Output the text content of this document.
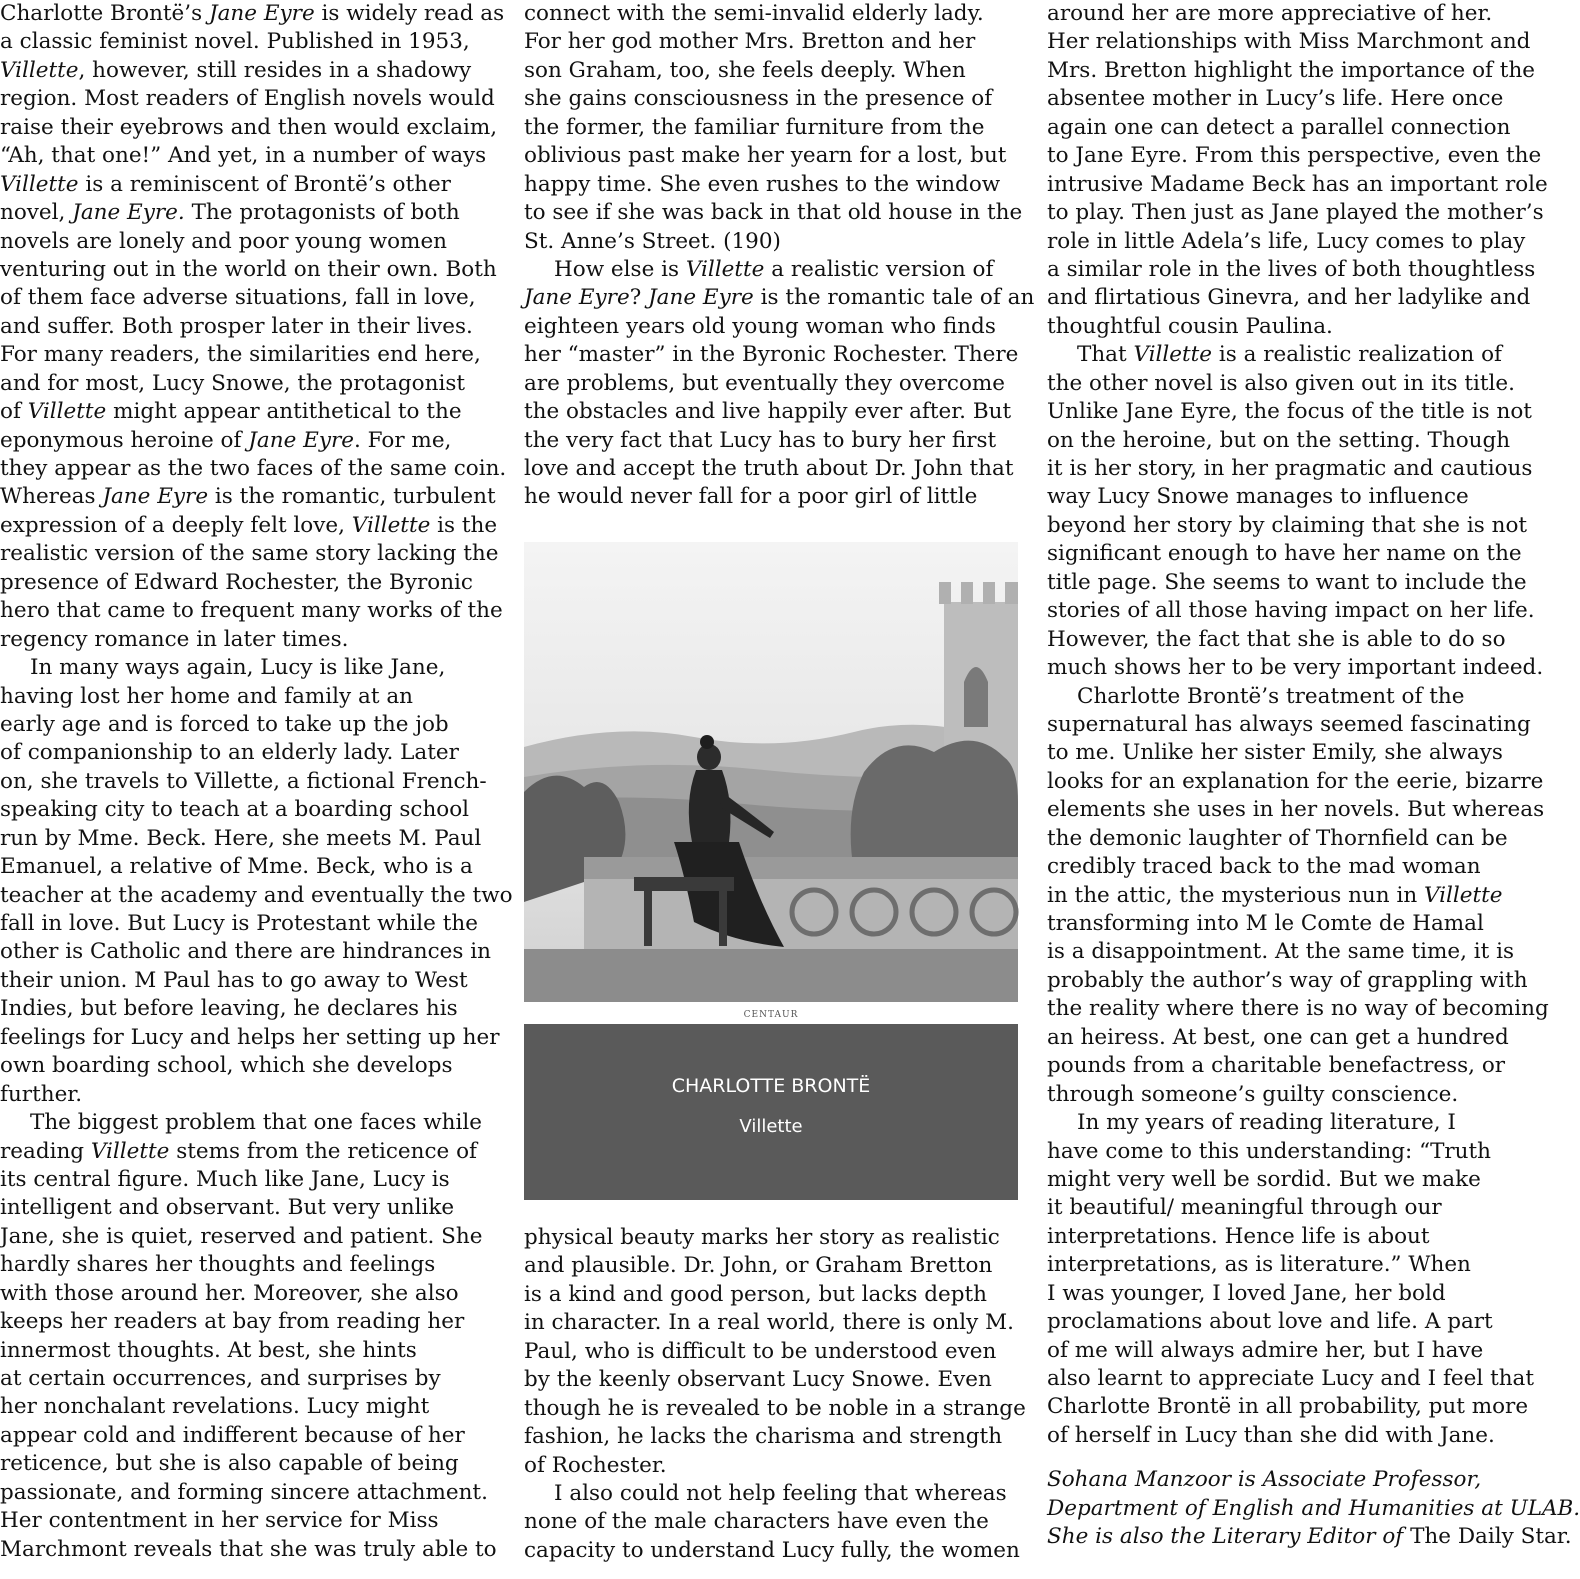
Charlotte Brontë’s Jane Eyre is widely read as
a classic feminist novel. Published in 1953,
Villette, however, still resides in a shadowy
region. Most readers of English novels would
raise their eyebrows and then would exclaim,
“Ah, that one!” And yet, in a number of ways
Villette is a reminiscent of Brontë’s other
novel, Jane Eyre. The protagonists of both
novels are lonely and poor young women
venturing out in the world on their own. Both
of them face adverse situations, fall in love,
and suffer. Both prosper later in their lives.
For many readers, the similarities end here,
and for most, Lucy Snowe, the protagonist
of Villette might appear antithetical to the
eponymous heroine of Jane Eyre. For me,
they appear as the two faces of the same coin.
Whereas Jane Eyre is the romantic, turbulent
expression of a deeply felt love, Villette is the
realistic version of the same story lacking the
presence of Edward Rochester, the Byronic
hero that came to frequent many works of the
regency romance in later times.
In many ways again, Lucy is like Jane,
having lost her home and family at an
early age and is forced to take up the job
of companionship to an elderly lady. Later
on, she travels to Villette, a fictional French-
speaking city to teach at a boarding school
run by Mme. Beck. Here, she meets M. Paul
Emanuel, a relative of Mme. Beck, who is a
teacher at the academy and eventually the two
fall in love. But Lucy is Protestant while the
other is Catholic and there are hindrances in
their union. M Paul has to go away to West
Indies, but before leaving, he declares his
feelings for Lucy and helps her setting up her
own boarding school, which she develops
further.
The biggest problem that one faces while
reading Villette stems from the reticence of
its central figure. Much like Jane, Lucy is
intelligent and observant. But very unlike
Jane, she is quiet, reserved and patient. She
hardly shares her thoughts and feelings
with those around her. Moreover, she also
keeps her readers at bay from reading her
innermost thoughts. At best, she hints
at certain occurrences, and surprises by
her nonchalant revelations. Lucy might
appear cold and indifferent because of her
reticence, but she is also capable of being
passionate, and forming sincere attachment.
Her contentment in her service for Miss
Marchmont reveals that she was truly able to
connect with the semi-invalid elderly lady.
For her god mother Mrs. Bretton and her
son Graham, too, she feels deeply. When
she gains consciousness in the presence of
the former, the familiar furniture from the
oblivious past make her yearn for a lost, but
happy time. She even rushes to the window
to see if she was back in that old house in the
St. Anne’s Street. (190)
How else is Villette a realistic version of
Jane Eyre? Jane Eyre is the romantic tale of an
eighteen years old young woman who finds
her “master” in the Byronic Rochester. There
are problems, but eventually they overcome
the obstacles and live happily ever after. But
the very fact that Lucy has to bury her first
love and accept the truth about Dr. John that
he would never fall for a poor girl of little
CENTAUR
CHARLOTTE BRONTË
Villette
physical beauty marks her story as realistic
and plausible. Dr. John, or Graham Bretton
is a kind and good person, but lacks depth
in character. In a real world, there is only M.
Paul, who is difficult to be understood even
by the keenly observant Lucy Snowe. Even
though he is revealed to be noble in a strange
fashion, he lacks the charisma and strength
of Rochester.
I also could not help feeling that whereas
none of the male characters have even the
capacity to understand Lucy fully, the women
around her are more appreciative of her.
Her relationships with Miss Marchmont and
Mrs. Bretton highlight the importance of the
absentee mother in Lucy’s life. Here once
again one can detect a parallel connection
to Jane Eyre. From this perspective, even the
intrusive Madame Beck has an important role
to play. Then just as Jane played the mother’s
role in little Adela’s life, Lucy comes to play
a similar role in the lives of both thoughtless
and flirtatious Ginevra, and her ladylike and
thoughtful cousin Paulina.
That Villette is a realistic realization of
the other novel is also given out in its title.
Unlike Jane Eyre, the focus of the title is not
on the heroine, but on the setting. Though
it is her story, in her pragmatic and cautious
way Lucy Snowe manages to influence
beyond her story by claiming that she is not
significant enough to have her name on the
title page. She seems to want to include the
stories of all those having impact on her life.
However, the fact that she is able to do so
much shows her to be very important indeed.
Charlotte Brontë’s treatment of the
supernatural has always seemed fascinating
to me. Unlike her sister Emily, she always
looks for an explanation for the eerie, bizarre
elements she uses in her novels. But whereas
the demonic laughter of Thornfield can be
credibly traced back to the mad woman
in the attic, the mysterious nun in Villette
transforming into M le Comte de Hamal
is a disappointment. At the same time, it is
probably the author’s way of grappling with
the reality where there is no way of becoming
an heiress. At best, one can get a hundred
pounds from a charitable benefactress, or
through someone’s guilty conscience.
In my years of reading literature, I
have come to this understanding: “Truth
might very well be sordid. But we make
it beautiful/ meaningful through our
interpretations. Hence life is about
interpretations, as is literature.” When
I was younger, I loved Jane, her bold
proclamations about love and life. A part
of me will always admire her, but I have
also learnt to appreciate Lucy and I feel that
Charlotte Brontë in all probability, put more
of herself in Lucy than she did with Jane.
Sohana Manzoor is Associate Professor,
Department of English and Humanities at ULAB.
She is also the Literary Editor of The Daily Star.
